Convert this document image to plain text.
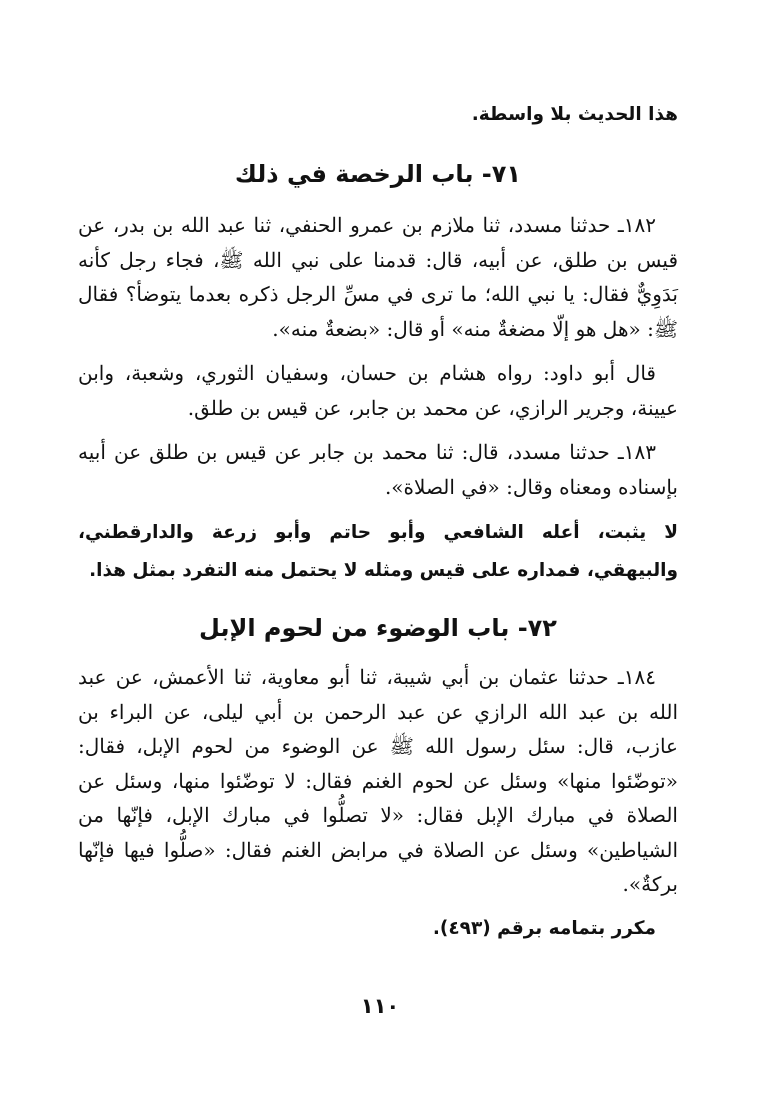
هذا الحديث بلا واسطة.

٧١- باب الرخصة في ذلك

١٨٢ـ حدثنا مسدد، ثنا ملازم بن عمرو الحنفي، ثنا عبد الله بن بدر، عن قيس بن طلق، عن أبيه، قال: قدمنا على نبي الله ﷺ، فجاء رجل كأنه بَدَوِيٌّ فقال: يا نبي الله؛ ما ترى في مسِّ الرجل ذكره بعدما يتوضأ؟ فقال ﷺ: «هل هو إلّا مضغةٌ منه» أو قال: «بضعةٌ منه».

قال أبو داود: رواه هشام بن حسان، وسفيان الثوري، وشعبة، وابن عيينة، وجرير الرازي، عن محمد بن جابر، عن قيس بن طلق.

١٨٣ـ حدثنا مسدد، قال: ثنا محمد بن جابر عن قيس بن طلق عن أبيه بإسناده ومعناه وقال: «في الصلاة».

لا يثبت، أعله الشافعي وأبو حاتم وأبو زرعة والدارقطني، والبيهقي، فمداره على قيس ومثله لا يحتمل منه التفرد بمثل هذا.

٧٢- باب الوضوء من لحوم الإبل

١٨٤ـ حدثنا عثمان بن أبي شيبة، ثنا أبو معاوية، ثنا الأعمش، عن عبد الله بن عبد الله الرازي عن عبد الرحمن بن أبي ليلى، عن البراء بن عازب، قال: سئل رسول الله ﷺ عن الوضوء من لحوم الإبل، فقال: «توضّئوا منها» وسئل عن لحوم الغنم فقال: لا توضّئوا منها، وسئل عن الصلاة في مبارك الإبل فقال: «لا تصلُّوا في مبارك الإبل، فإنّها من الشياطين» وسئل عن الصلاة في مرابض الغنم فقال: «صلُّوا فيها فإنّها بركةٌ».

مكرر بتمامه برقم (٤٩٣).

١١٠
